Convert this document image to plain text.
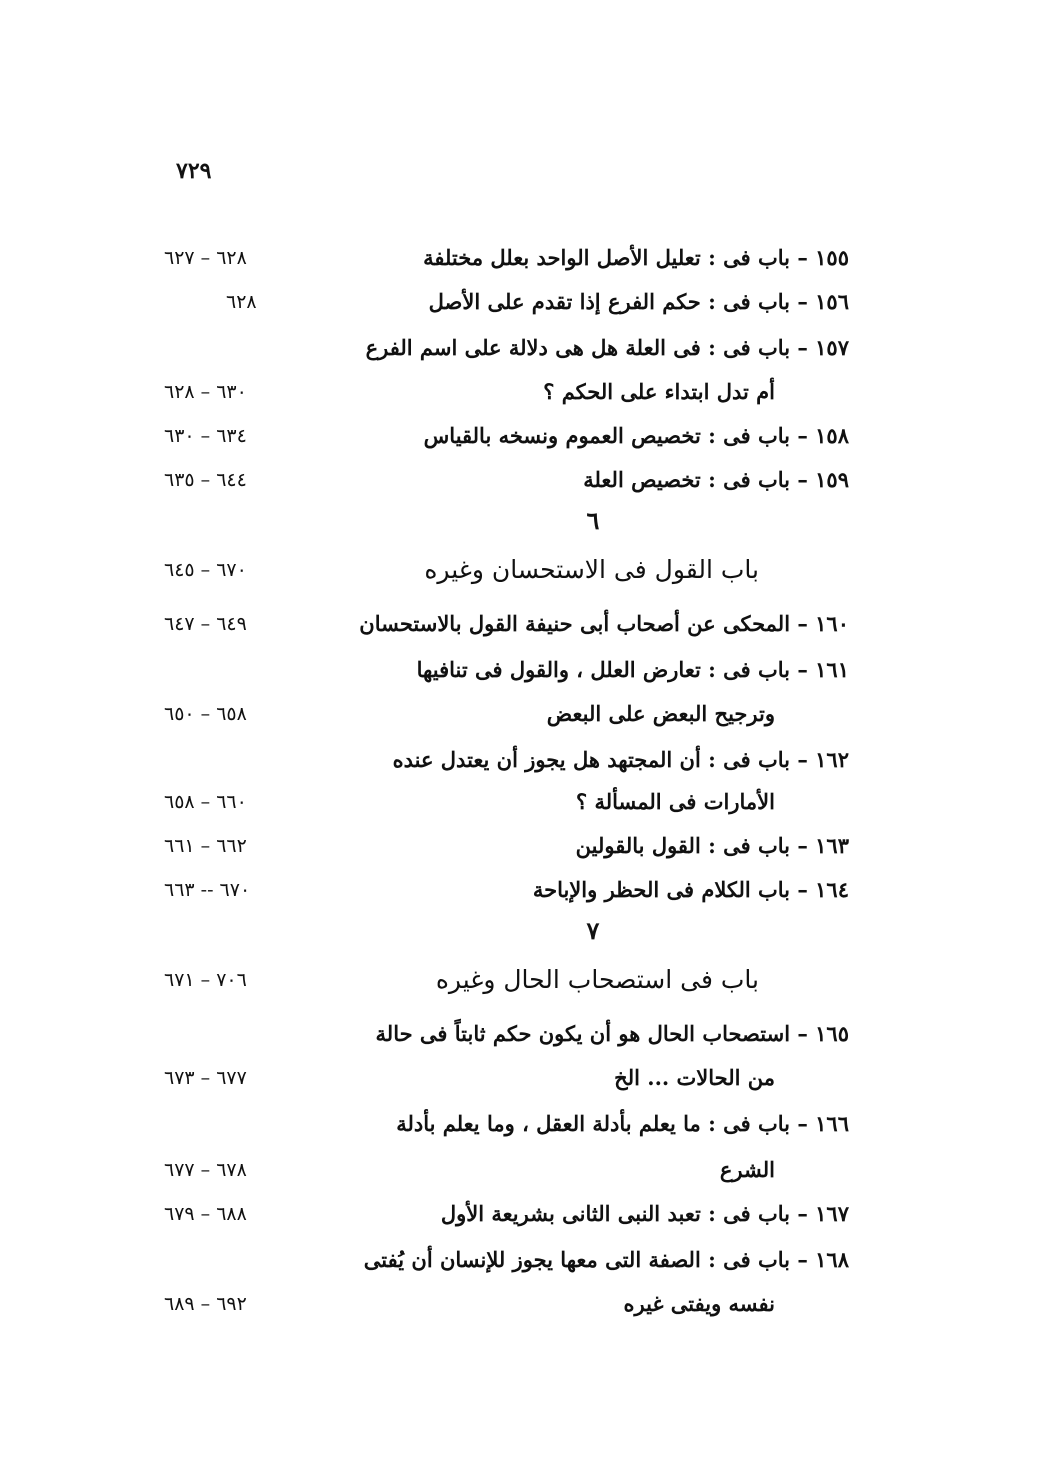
٧٢٩
١٥٥ – باب فى : تعليل الأصل الواحد بعلل مختلفة
٦٢٨ – ٦٢٧
١٥٦ – باب فى : حكم الفرع إذا تقدم على الأصل
٦٢٨
١٥٧ – باب فى : فى العلة هل هى دلالة على اسم الفرع
أم تدل ابتداء على الحكم ؟
٦٣٠ – ٦٢٨
١٥٨ – باب فى : تخصيص العموم ونسخه بالقياس
٦٣٤ – ٦٣٠
١٥٩ – باب فى : تخصيص العلة
٦٤٤ – ٦٣٥
٦
باب القول فى الاستحسان وغيره
٦٧٠ – ٦٤٥
١٦٠ – المحكى عن أصحاب أبى حنيفة القول بالاستحسان
٦٤٩ – ٦٤٧
١٦١ – باب فى : تعارض العلل ، والقول فى تنافيها
وترجيح البعض على البعض
٦٥٨ – ٦٥٠
١٦٢ – باب فى : أن المجتهد هل يجوز أن يعتدل عنده
الأمارات فى المسألة ؟
٦٦٠ – ٦٥٨
١٦٣ – باب فى : القول بالقولين
٦٦٢ – ٦٦١
١٦٤ – باب الكلام فى الحظر والإباحة
٦٧٠ -- ٦٦٣
٧
باب فى استصحاب الحال وغيره
٧٠٦ – ٦٧١
١٦٥ – استصحاب الحال هو أن يكون حكم ثابتاً فى حالة
من الحالات ... الخ
٦٧٧ – ٦٧٣
١٦٦ – باب فى : ما يعلم بأدلة العقل ، وما يعلم بأدلة
الشرع
٦٧٨ – ٦٧٧
١٦٧ – باب فى : تعبد النبى الثانى بشريعة الأول
٦٨٨ – ٦٧٩
١٦٨ – باب فى : الصفة التى معها يجوز للإنسان أن يُفتى
نفسه ويفتى غيره
٦٩٢ – ٦٨٩
